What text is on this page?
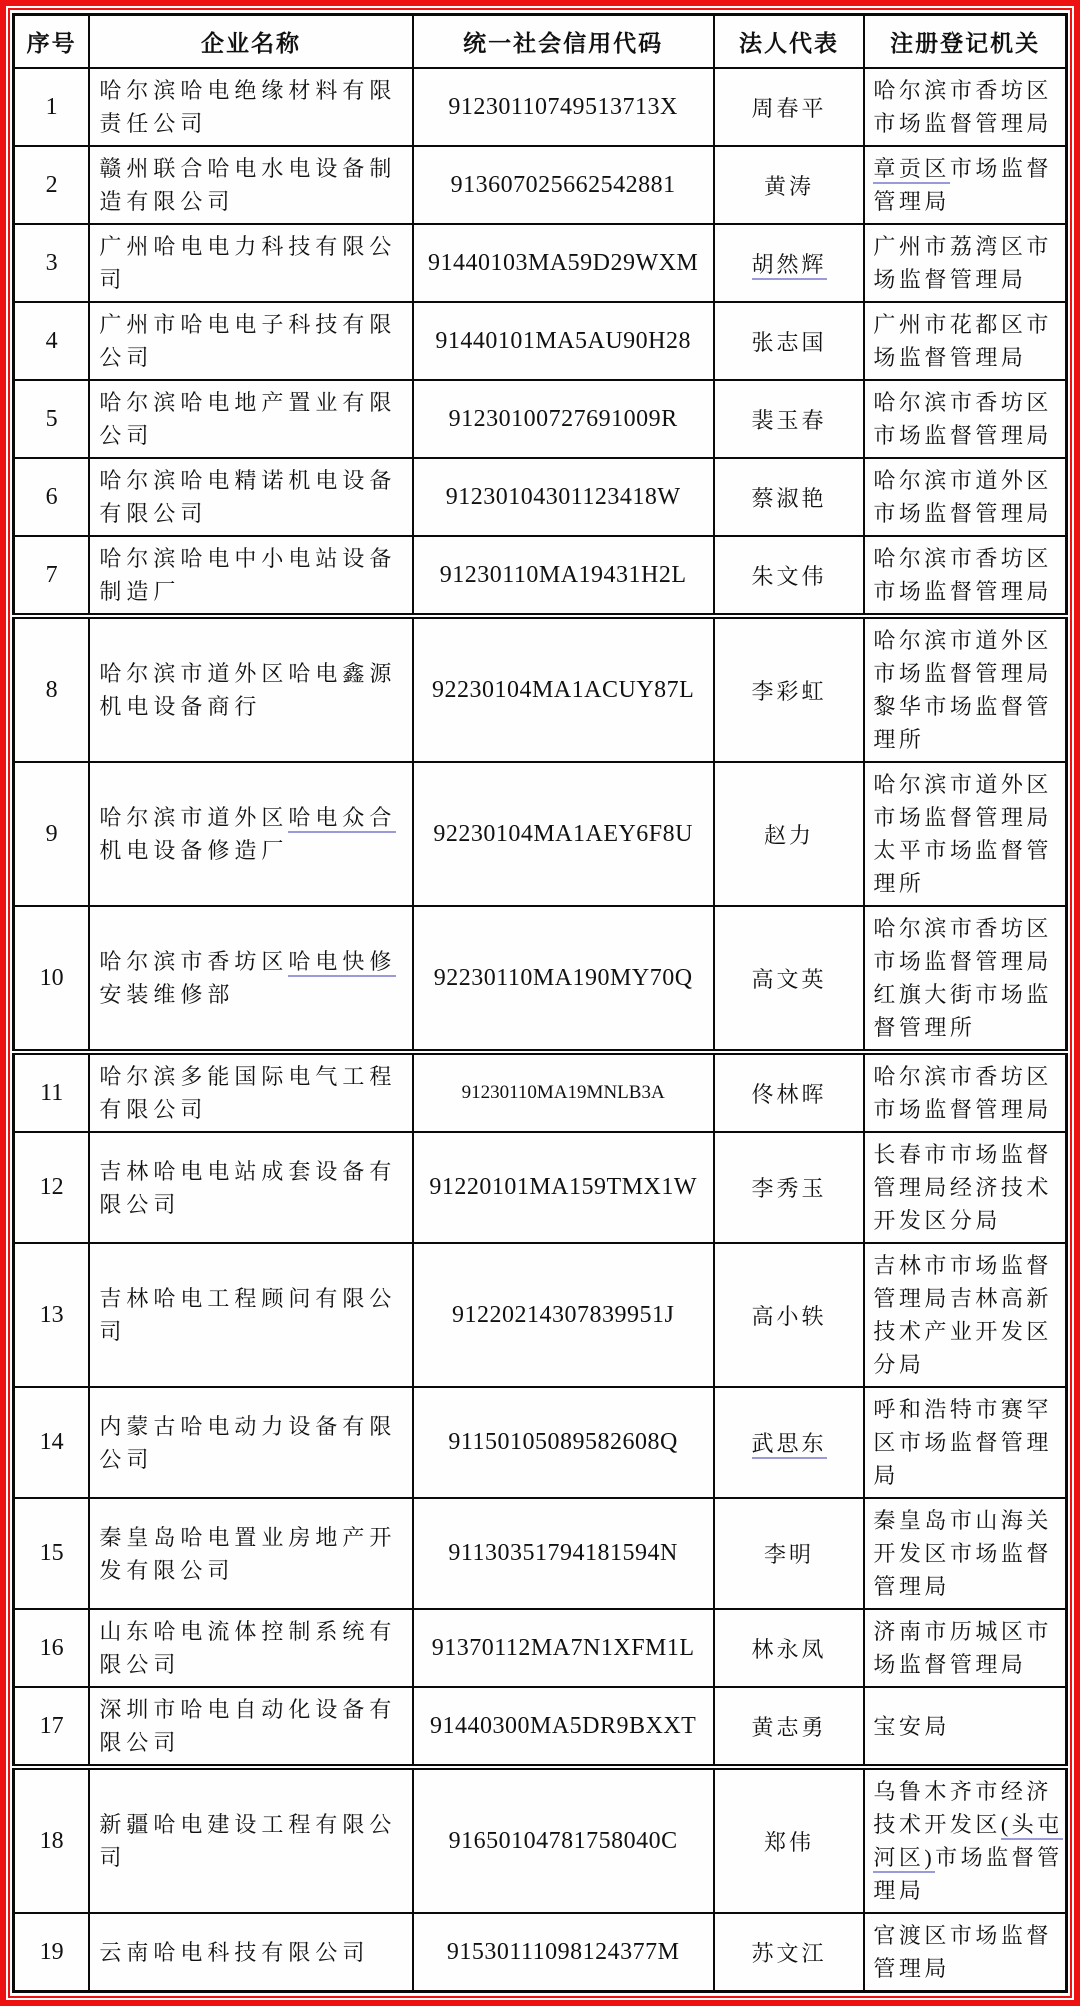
序号	企业名称	统一社会信用代码	法人代表	注册登记机关
1	哈尔滨哈电绝缘材料有限责任公司	91230110749513713X	周春平	哈尔滨市香坊区市场监督管理局
2	赣州联合哈电水电设备制造有限公司	913607025662542881	黄涛	章贡区市场监督管理局
3	广州哈电电力科技有限公司	91440103MA59D29WXM	胡然辉	广州市荔湾区市场监督管理局
4	广州市哈电电子科技有限公司	91440101MA5AU90H28	张志国	广州市花都区市场监督管理局
5	哈尔滨哈电地产置业有限公司	91230100727691009R	裴玉春	哈尔滨市香坊区市场监督管理局
6	哈尔滨哈电精诺机电设备有限公司	91230104301123418W	蔡淑艳	哈尔滨市道外区市场监督管理局
7	哈尔滨哈电中小电站设备制造厂	91230110MA19431H2L	朱文伟	哈尔滨市香坊区市场监督管理局
8	哈尔滨市道外区哈电鑫源机电设备商行	92230104MA1ACUY87L	李彩虹	哈尔滨市道外区市场监督管理局黎华市场监督管理所
9	哈尔滨市道外区哈电众合机电设备修造厂	92230104MA1AEY6F8U	赵力	哈尔滨市道外区市场监督管理局太平市场监督管理所
10	哈尔滨市香坊区哈电快修安装维修部	92230110MA190MY70Q	高文英	哈尔滨市香坊区市场监督管理局红旗大街市场监督管理所
11	哈尔滨多能国际电气工程有限公司	91230110MA19MNLB3A	佟林晖	哈尔滨市香坊区市场监督管理局
12	吉林哈电电站成套设备有限公司	91220101MA159TMX1W	李秀玉	长春市市场监督管理局经济技术开发区分局
13	吉林哈电工程顾问有限公司	91220214307839951J	高小轶	吉林市市场监督管理局吉林高新技术产业开发区分局
14	内蒙古哈电动力设备有限公司	91150105089582608Q	武思东	呼和浩特市赛罕区市场监督管理局
15	秦皇岛哈电置业房地产开发有限公司	91130351794181594N	李明	秦皇岛市山海关开发区市场监督管理局
16	山东哈电流体控制系统有限公司	91370112MA7N1XFM1L	林永凤	济南市历城区市场监督管理局
17	深圳市哈电自动化设备有限公司	91440300MA5DR9BXXT	黄志勇	宝安局
18	新疆哈电建设工程有限公司	91650104781758040C	郑伟	乌鲁木齐市经济技术开发区(头屯河区)市场监督管理局
19	云南哈电科技有限公司	91530111098124377M	苏文江	官渡区市场监督管理局
